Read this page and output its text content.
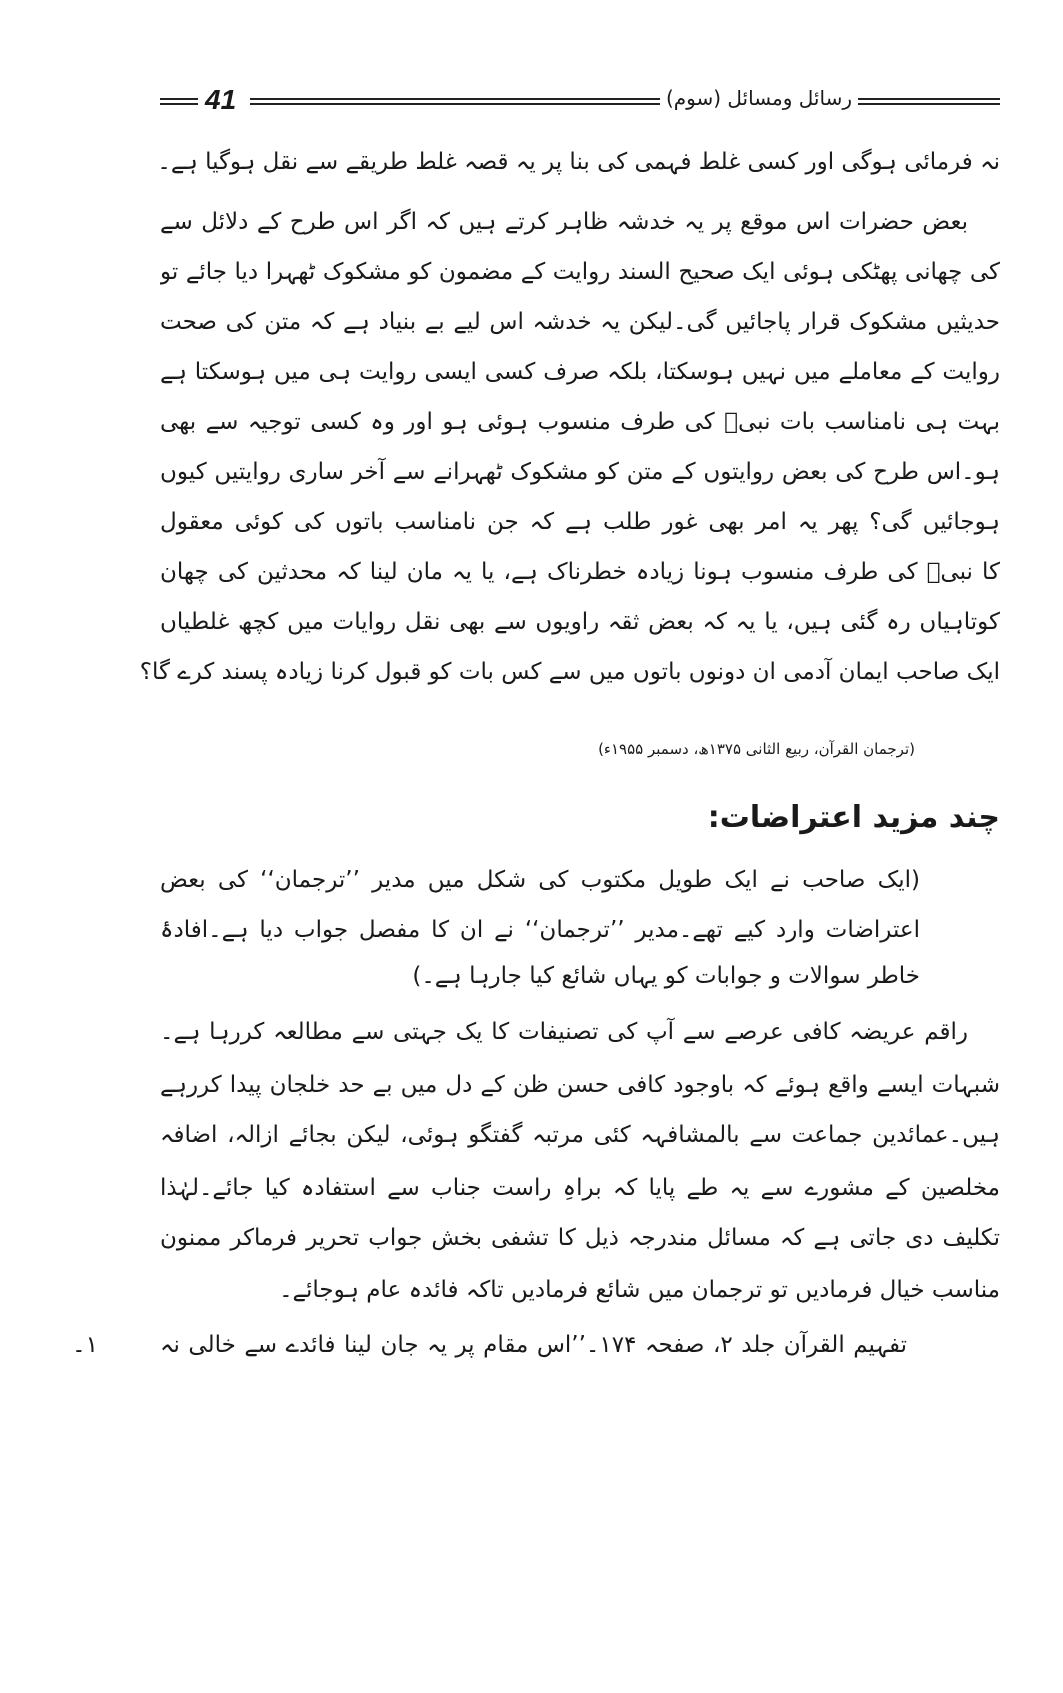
41	رسائل ومسائل (سوم)
نہ فرمائی ہوگی اور کسی غلط فہمی کی بنا پر یہ قصہ غلط طریقے سے نقل ہوگیا ہے۔
بعض حضرات اس موقع پر یہ خدشہ ظاہر کرتے ہیں کہ اگر اس طرح کے دلائل سے
کی چھانی پھٹکی ہوئی ایک صحیح السند روایت کے مضمون کو مشکوک ٹھہرا دیا جائے تو
حدیثیں مشکوک قرار پاجائیں گی۔لیکن یہ خدشہ اس لیے بے بنیاد ہے کہ متن کی صحت
روایت کے معاملے میں نہیں ہوسکتا، بلکہ صرف کسی ایسی روایت ہی میں ہوسکتا ہے
بہت ہی نامناسب بات نبیؐ کی طرف منسوب ہوئی ہو اور وہ کسی توجیہ سے بھی
ہو۔اس طرح کی بعض روایتوں کے متن کو مشکوک ٹھہرانے سے آخر ساری روایتیں کیوں
ہوجائیں گی؟ پھر یہ امر بھی غور طلب ہے کہ جن نامناسب باتوں کی کوئی معقول
کا نبیؐ کی طرف منسوب ہونا زیادہ خطرناک ہے، یا یہ مان لینا کہ محدثین کی چھان
کوتاہیاں رہ گئی ہیں، یا یہ کہ بعض ثقہ راویوں سے بھی نقل روایات میں کچھ غلطیاں
ایک صاحب ایمان آدمی ان دونوں باتوں میں سے کس بات کو قبول کرنا زیادہ پسند کرے گا؟
(ترجمان القرآن، ربیع الثانی ۱۳۷۵ھ، دسمبر ۱۹۵۵ء)
چند مزید اعتراضات:
(ایک صاحب نے ایک طویل مکتوب کی شکل میں مدیر ’’ترجمان‘‘ کی بعض
اعتراضات وارد کیے تھے۔مدیر ’’ترجمان‘‘ نے ان کا مفصل جواب دیا ہے۔افادۂ
خاطر سوالات و جوابات کو یہاں شائع کیا جارہا ہے۔)
راقم عریضہ کافی عرصے سے آپ کی تصنیفات کا یک جہتی سے مطالعہ کررہا ہے۔
شبہات ایسے واقع ہوئے کہ باوجود کافی حسن ظن کے دل میں بے حد خلجان پیدا کررہے
ہیں۔عمائدین جماعت سے بالمشافہہ کئی مرتبہ گفتگو ہوئی، لیکن بجائے ازالہ، اضافہ
مخلصین کے مشورے سے یہ طے پایا کہ براہِ راست جناب سے استفادہ کیا جائے۔لہٰذا
تکلیف دی جاتی ہے کہ مسائل مندرجہ ذیل کا تشفی بخش جواب تحریر فرماکر ممنون
مناسب خیال فرمادیں تو ترجمان میں شائع فرمادیں تاکہ فائدہ عام ہوجائے۔
۱۔	تفہیم القرآن جلد ۲، صفحہ ۱۷۴۔’’اس مقام پر یہ جان لینا فائدے سے خالی نہ
